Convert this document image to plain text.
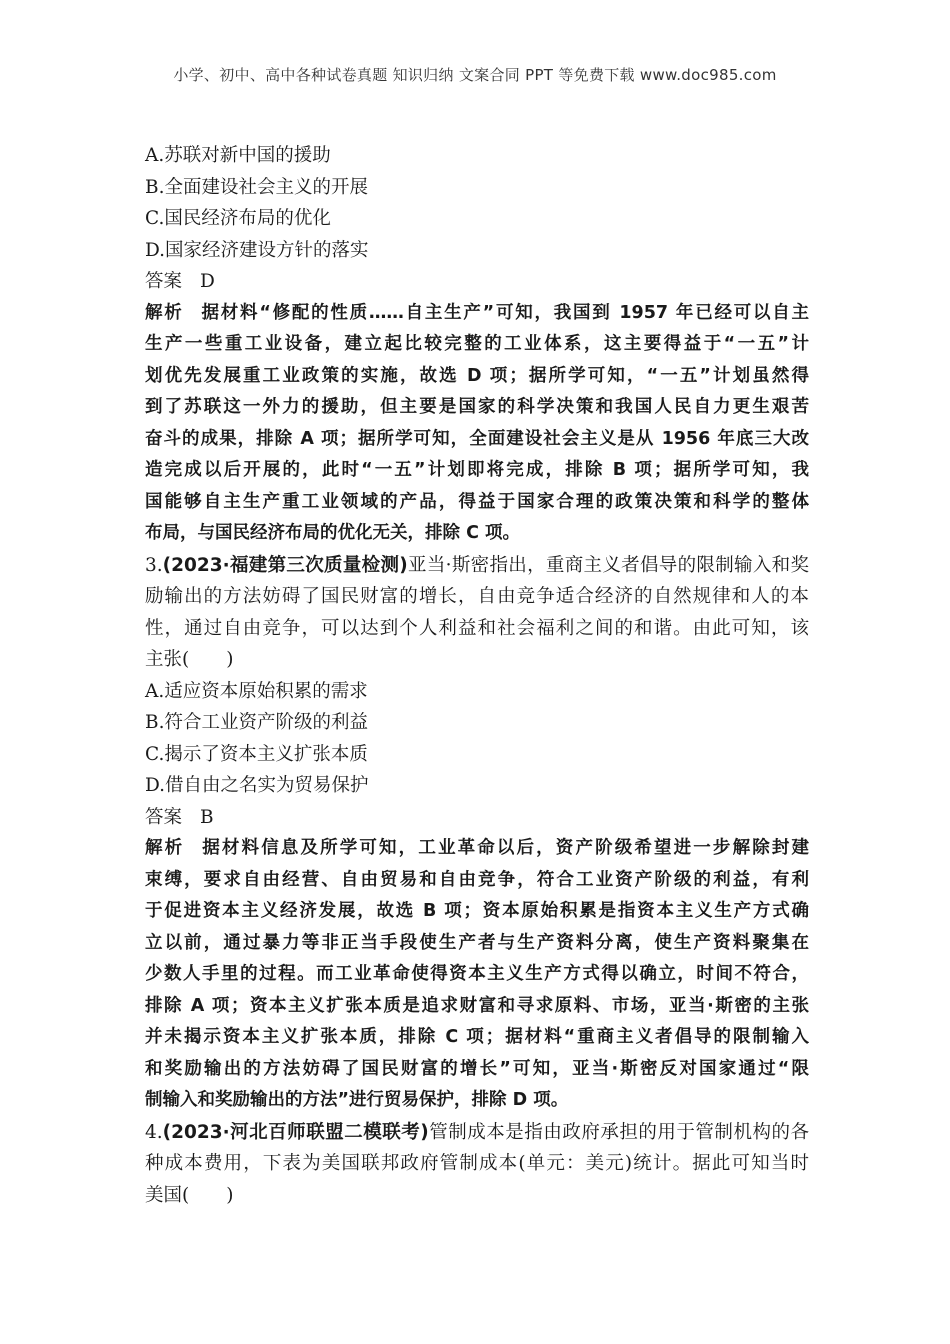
小学、初中、高中各种试卷真题 知识归纳 文案合同 PPT 等免费下载 www.doc985.com
A.苏联对新中国的援助
B.全面建设社会主义的开展
C.国民经济布局的优化
D.国家经济建设方针的落实
答案 D
解析 据材料“修配的性质……自主生产”可知，我国到 1957 年已经可以自主
生产一些重工业设备，建立起比较完整的工业体系，这主要得益于“一五”计
划优先发展重工业政策的实施，故选 D 项；据所学可知，“一五”计划虽然得
到了苏联这一外力的援助，但主要是国家的科学决策和我国人民自力更生艰苦
奋斗的成果，排除 A 项；据所学可知，全面建设社会主义是从 1956 年底三大改
造完成以后开展的，此时“一五”计划即将完成，排除 B 项；据所学可知，我
国能够自主生产重工业领域的产品，得益于国家合理的政策决策和科学的整体
布局，与国民经济布局的优化无关，排除 C 项。
3.(2023·福建第三次质量检测)亚当·斯密指出，重商主义者倡导的限制输入和奖
励输出的方法妨碍了国民财富的增长，自由竞争适合经济的自然规律和人的本
性，通过自由竞争，可以达到个人利益和社会福利之间的和谐。由此可知，该
主张(　　)
A.适应资本原始积累的需求
B.符合工业资产阶级的利益
C.揭示了资本主义扩张本质
D.借自由之名实为贸易保护
答案 B
解析 据材料信息及所学可知，工业革命以后，资产阶级希望进一步解除封建
束缚，要求自由经营、自由贸易和自由竞争，符合工业资产阶级的利益，有利
于促进资本主义经济发展，故选 B 项；资本原始积累是指资本主义生产方式确
立以前，通过暴力等非正当手段使生产者与生产资料分离，使生产资料聚集在
少数人手里的过程。而工业革命使得资本主义生产方式得以确立，时间不符合，
排除 A 项；资本主义扩张本质是追求财富和寻求原料、市场，亚当·斯密的主张
并未揭示资本主义扩张本质，排除 C 项；据材料“重商主义者倡导的限制输入
和奖励输出的方法妨碍了国民财富的增长”可知，亚当·斯密反对国家通过“限
制输入和奖励输出的方法”进行贸易保护，排除 D 项。
4.(2023·河北百师联盟二模联考)管制成本是指由政府承担的用于管制机构的各
种成本费用，下表为美国联邦政府管制成本(单元：美元)统计。据此可知当时
美国(　　)
